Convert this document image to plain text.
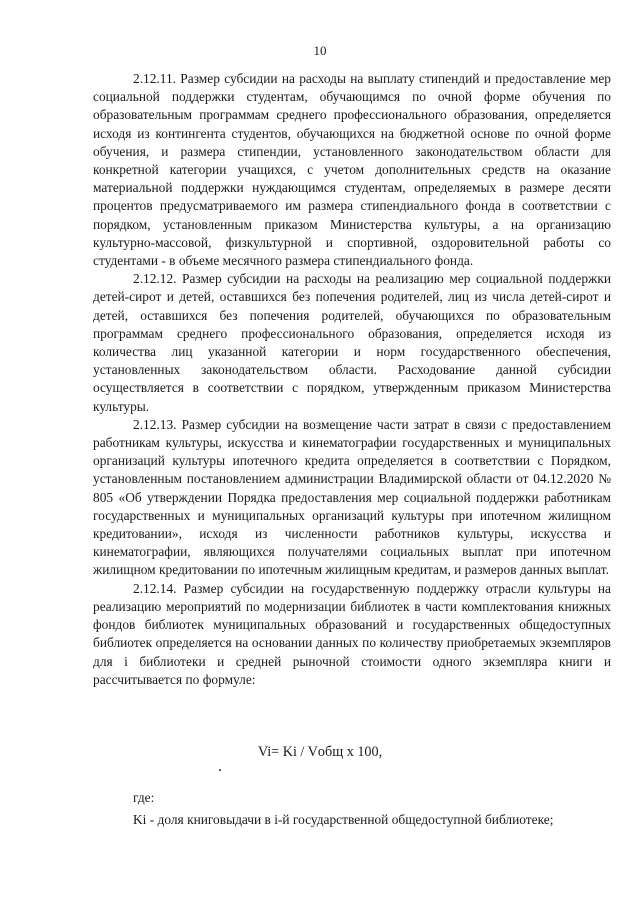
10

2.12.11. Размер субсидии на расходы на выплату стипендий и предоставление мер социальной поддержки студентам, обучающимся по очной форме обучения по образовательным программам среднего профессионального образования, определяется исходя из контингента студентов, обучающихся на бюджетной основе по очной форме обучения, и размера стипендии, установленного законодательством области для конкретной категории учащихся, с учетом дополнительных средств на оказание материальной поддержки нуждающимся студентам, определяемых в размере десяти процентов предусматриваемого им размера стипендиального фонда в соответствии с порядком, установленным приказом Министерства культуры, а на организацию культурно-массовой, физкультурной и спортивной, оздоровительной работы со студентами - в объеме месячного размера стипендиального фонда.

2.12.12. Размер субсидии на расходы на реализацию мер социальной поддержки детей-сирот и детей, оставшихся без попечения родителей, лиц из числа детей-сирот и детей, оставшихся без попечения родителей, обучающихся по образовательным программам среднего профессионального образования, определяется исходя из количества лиц указанной категории и норм государственного обеспечения, установленных законодательством области. Расходование данной субсидии осуществляется в соответствии с порядком, утвержденным приказом Министерства культуры.

2.12.13. Размер субсидии на возмещение части затрат в связи с предоставлением работникам культуры, искусства и кинематографии государственных и муниципальных организаций культуры ипотечного кредита определяется в соответствии с Порядком, установленным постановлением администрации Владимирской области от 04.12.2020 № 805 «Об утверждении Порядка предоставления мер социальной поддержки работникам государственных и муниципальных организаций культуры при ипотечном жилищном кредитовании», исходя из численности работников культуры, искусства и кинематографии, являющихся получателями социальных выплат при ипотечном жилищном кредитовании по ипотечным жилищным кредитам, и размеров данных выплат.

2.12.14. Размер субсидии на государственную поддержку отрасли культуры на реализацию мероприятий по модернизации библиотек в части комплектования книжных фондов библиотек муниципальных образований и государственных общедоступных библиотек определяется на основании данных по количеству приобретаемых экземпляров для i библиотеки и средней рыночной стоимости одного экземпляра книги и рассчитывается по формуле:

Vi= Ki / Vобщ х 100,
где:
Ki - доля книговыдачи в i-й государственной общедоступной библиотеке;
